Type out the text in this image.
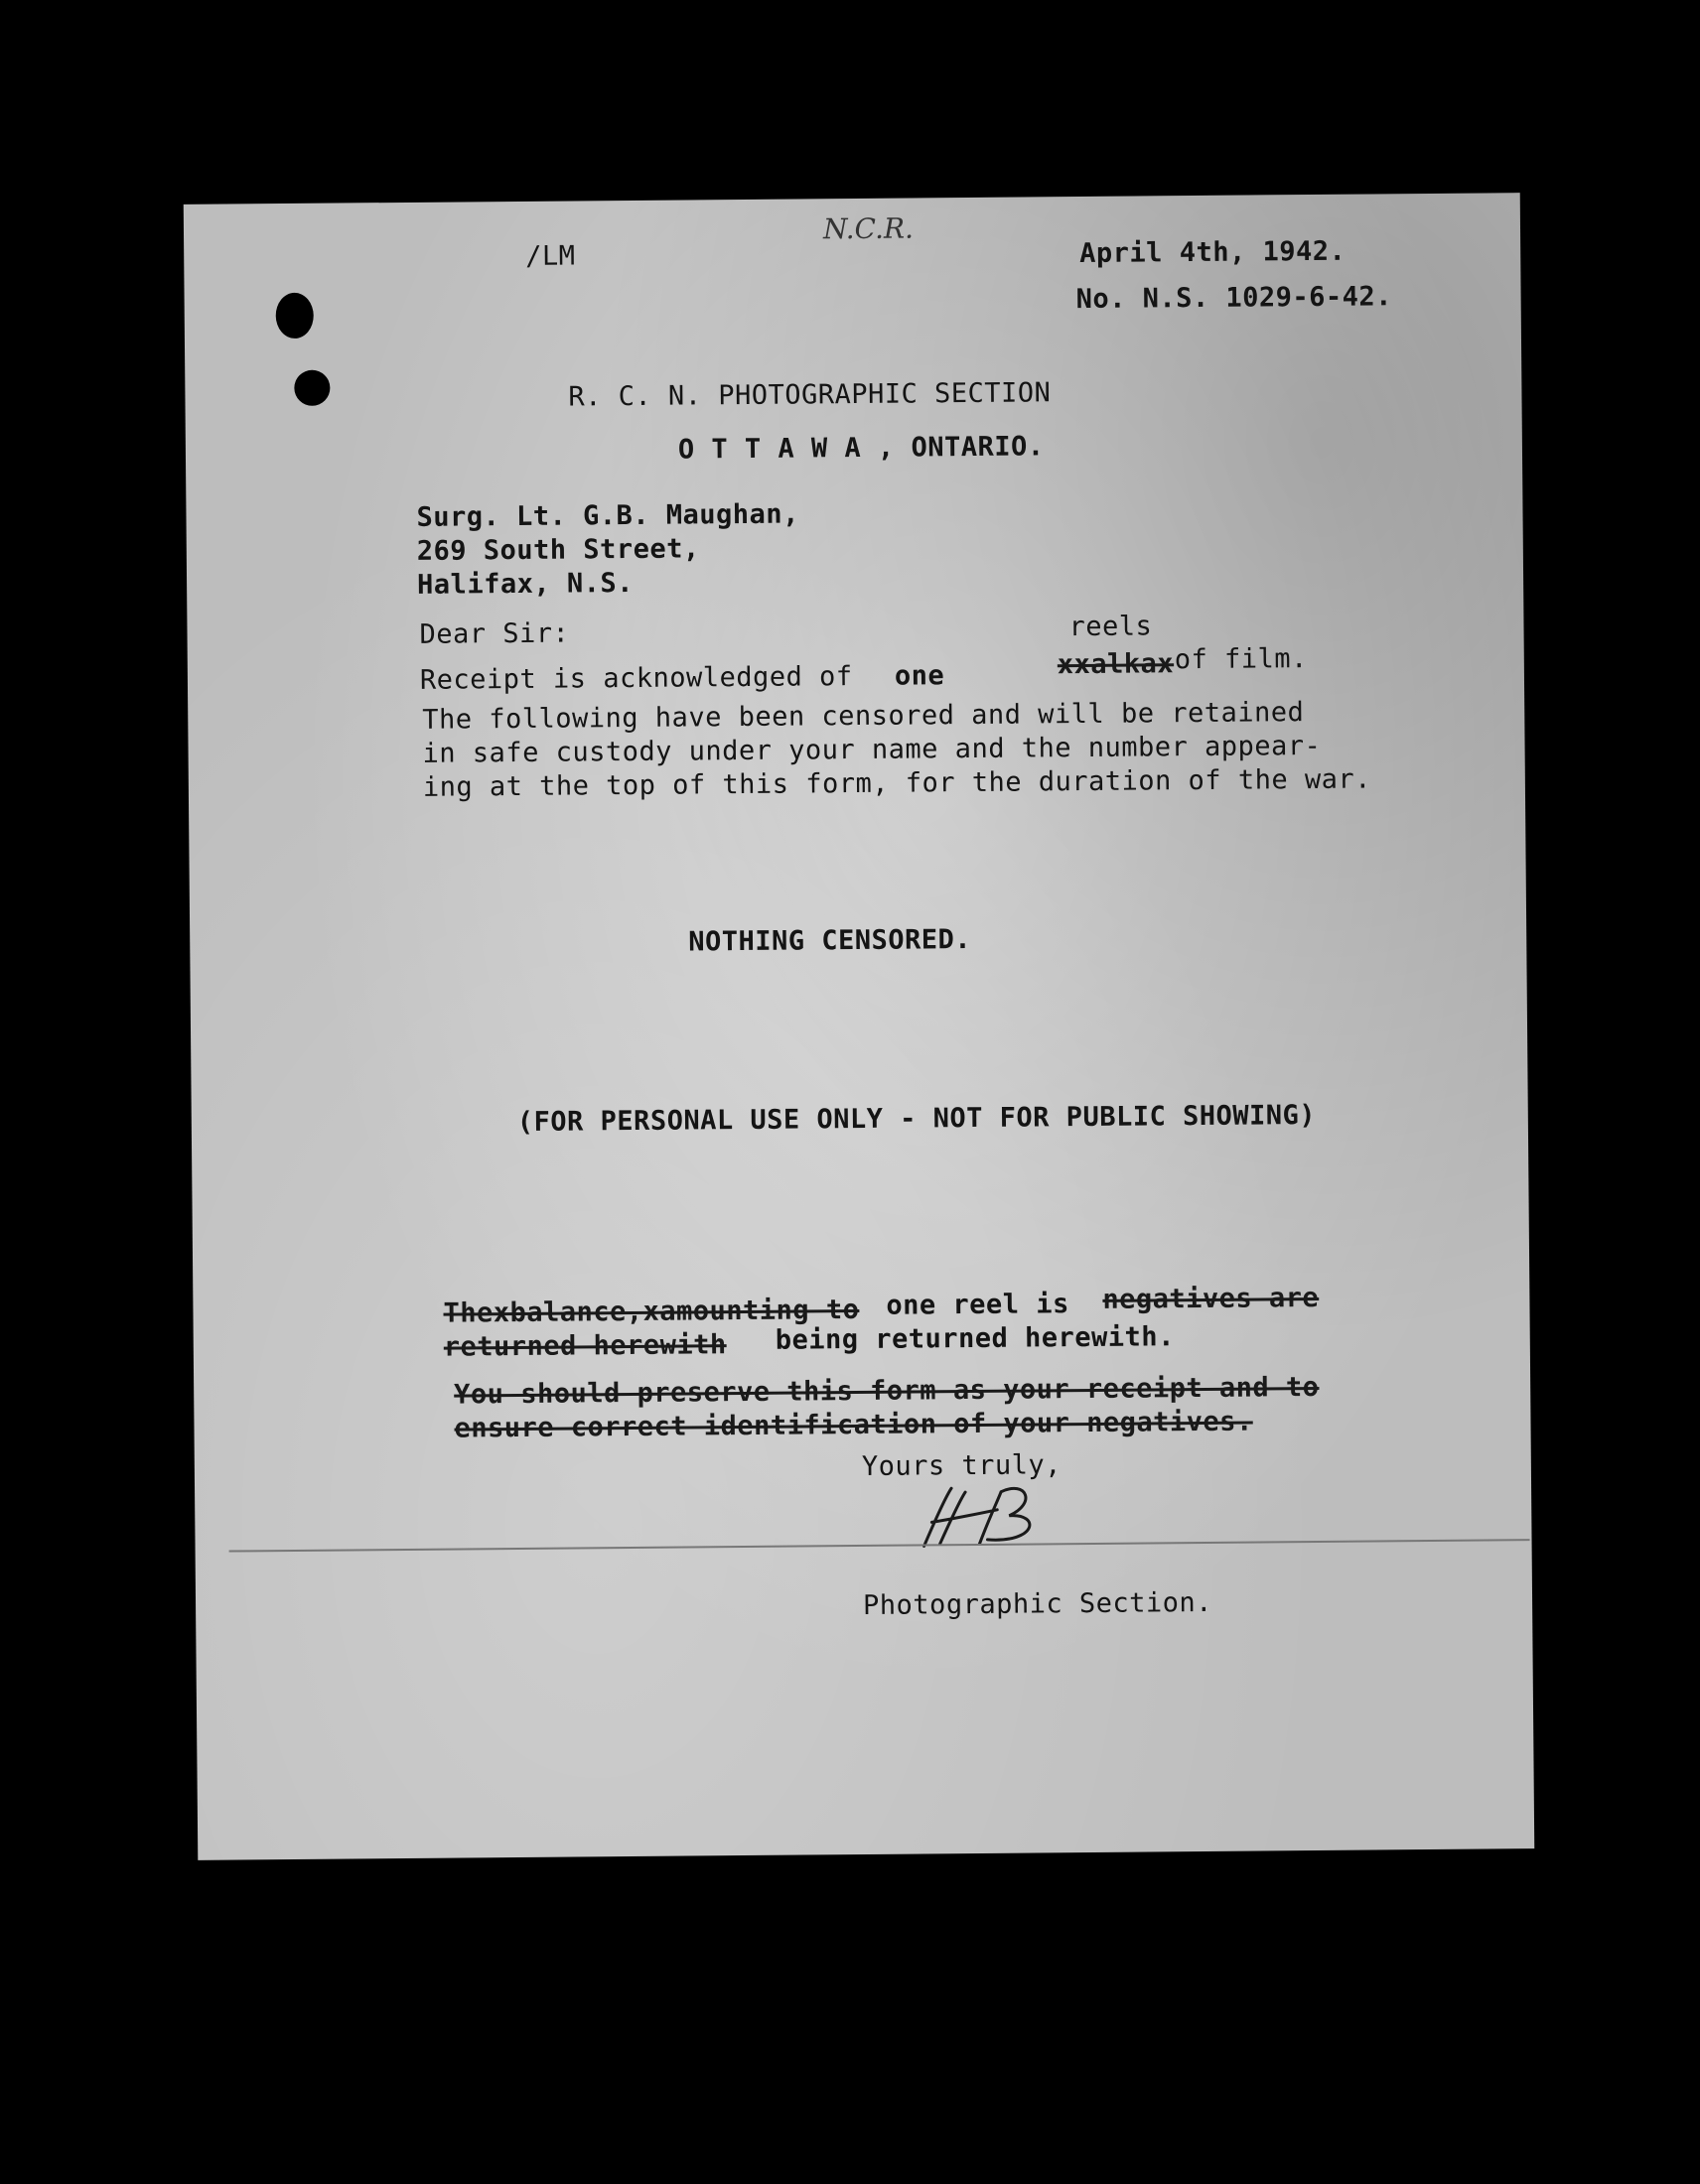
/LM
N.C.R.
April 4th, 1942.
No. N.S. 1029-6-42.
R. C. N. PHOTOGRAPHIC SECTION
O T T A W A , ONTARIO.
Surg. Lt. G.B. Maughan,
269 South Street,
Halifax, N.S.
Dear Sir:	reels
Receipt is acknowledged of one	xxalkax of film.
The following have been censored and will be retained
in safe custody under your name and the number appear-
ing at the top of this form, for the duration of the war.
NOTHING CENSORED.
(FOR PERSONAL USE ONLY - NOT FOR PUBLIC SHOWING)
Thexbalance,xamounting to one reel is negatives are
returned herewith being returned herewith.
You should preserve this form as your receipt and to
ensure correct identification of your negatives.
Yours truly,
Photographic Section.
